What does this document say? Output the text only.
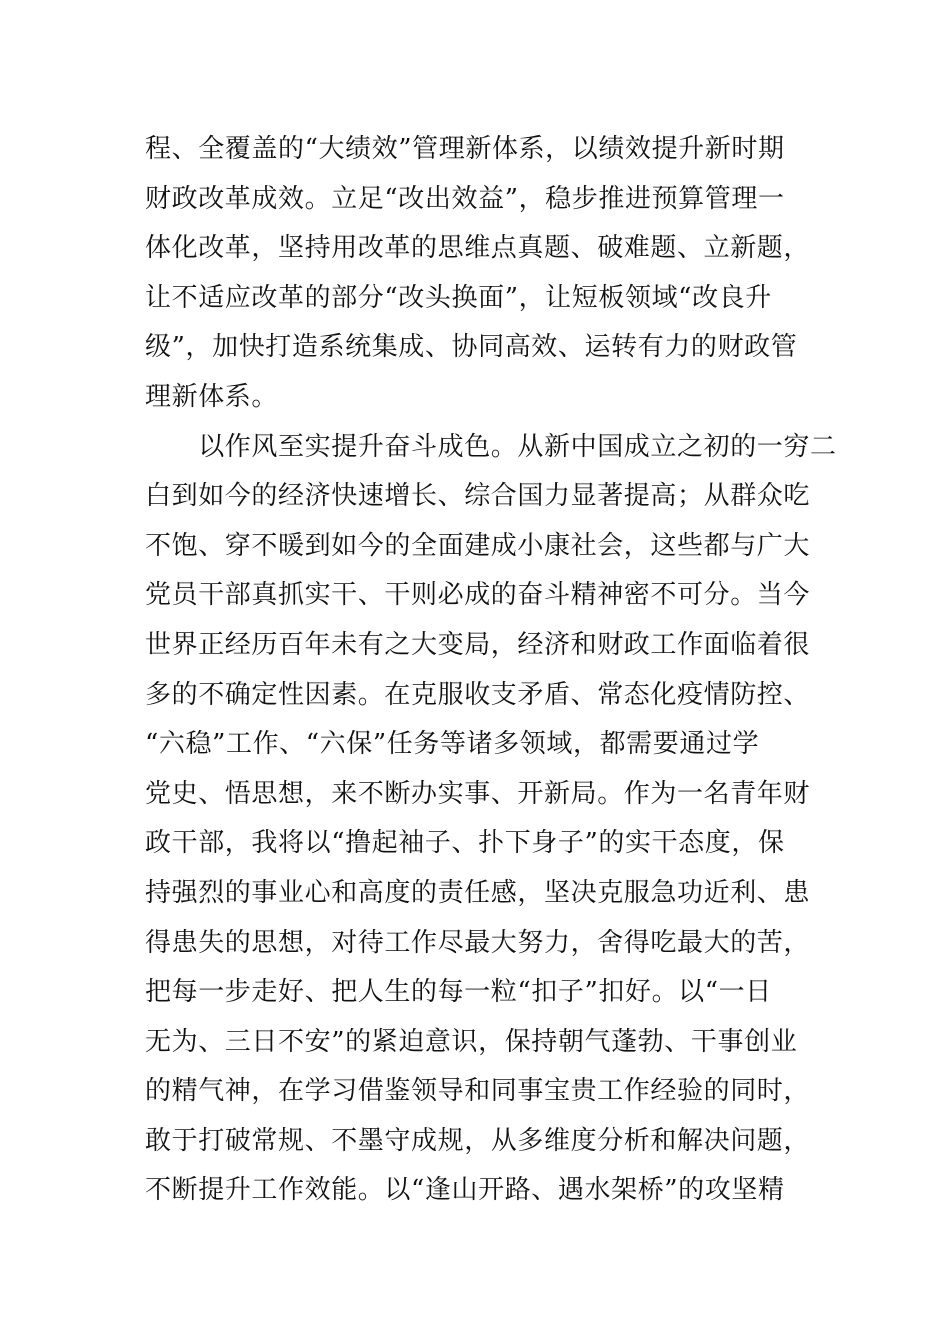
程、全覆盖的“大绩效”管理新体系，以绩效提升新时期
财政改革成效。立足“改出效益”，稳步推进预算管理一
体化改革，坚持用改革的思维点真题、破难题、立新题，
让不适应改革的部分“改头换面”，让短板领域“改良升
级”，加快打造系统集成、协同高效、运转有力的财政管
理新体系。
　　以作风至实提升奋斗成色。从新中国成立之初的一穷二
白到如今的经济快速增长、综合国力显著提高；从群众吃
不饱、穿不暖到如今的全面建成小康社会，这些都与广大
党员干部真抓实干、干则必成的奋斗精神密不可分。当今
世界正经历百年未有之大变局，经济和财政工作面临着很
多的不确定性因素。在克服收支矛盾、常态化疫情防控、
“六稳”工作、“六保”任务等诸多领域，都需要通过学
党史、悟思想，来不断办实事、开新局。作为一名青年财
政干部，我将以“撸起袖子、扑下身子”的实干态度，保
持强烈的事业心和高度的责任感，坚决克服急功近利、患
得患失的思想，对待工作尽最大努力，舍得吃最大的苦，
把每一步走好、把人生的每一粒“扣子”扣好。以“一日
无为、三日不安”的紧迫意识，保持朝气蓬勃、干事创业
的精气神，在学习借鉴领导和同事宝贵工作经验的同时，
敢于打破常规、不墨守成规，从多维度分析和解决问题，
不断提升工作效能。以“逢山开路、遇水架桥”的攻坚精
